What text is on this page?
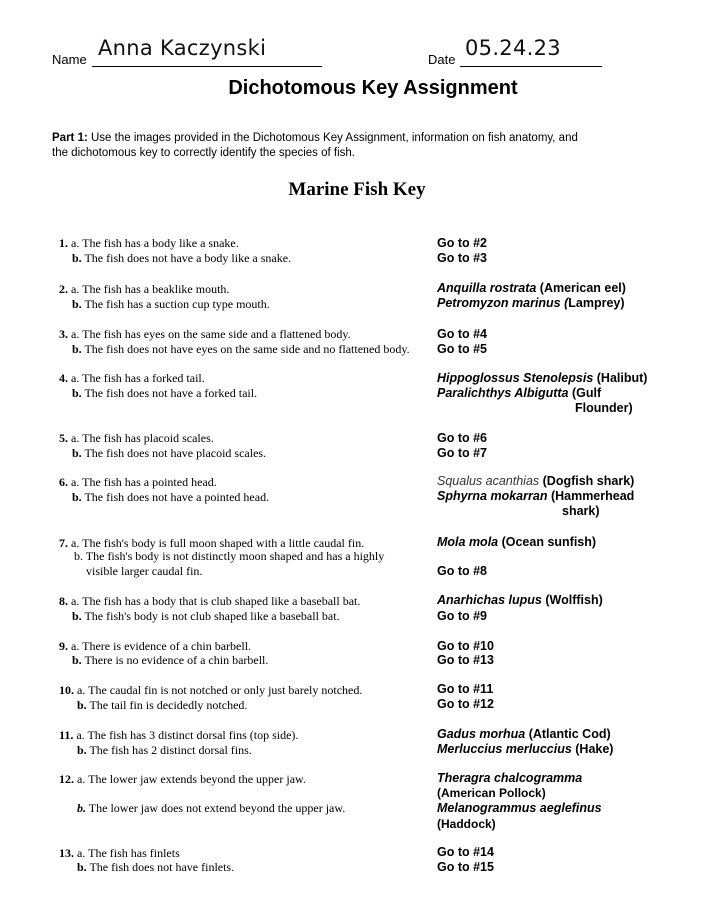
Name Anna Kaczynski	Date 05.24.23
Dichotomous Key Assignment
Part 1: Use the images provided in the Dichotomous Key Assignment, information on fish anatomy, and
the dichotomous key to correctly identify the species of fish.
Marine Fish Key
1. a. The fish has a body like a snake.
b. The fish does not have a body like a snake.
Go to #2
Go to #3
2. a. The fish has a beaklike mouth.
b. The fish has a suction cup type mouth.
Anquilla rostrata (American eel)
Petromyzon marinus (Lamprey)
3. a. The fish has eyes on the same side and a flattened body.
b. The fish does not have eyes on the same side and no flattened body.
Go to #4
Go to #5
4. a. The fish has a forked tail.
b. The fish does not have a forked tail.
Hippoglossus Stenolepsis (Halibut)
Paralichthys Albigutta (Gulf
Flounder)
5. a. The fish has placoid scales.
b. The fish does not have placoid scales.
Go to #6
Go to #7
6. a. The fish has a pointed head.
b. The fish does not have a pointed head.
Squalus acanthias (Dogfish shark)
Sphyrna mokarran (Hammerhead
shark)
7. a. The fish's body is full moon shaped with a little caudal fin.
b. The fish's body is not distinctly moon shaped and has a highly
visible larger caudal fin.
Mola mola (Ocean sunfish)
Go to #8
8. a. The fish has a body that is club shaped like a baseball bat.
b. The fish's body is not club shaped like a baseball bat.
Anarhichas lupus (Wolffish)
Go to #9
9. a. There is evidence of a chin barbell.
b. There is no evidence of a chin barbell.
Go to #10
Go to #13
10. a. The caudal fin is not notched or only just barely notched.
b. The tail fin is decidedly notched.
Go to #11
Go to #12
11. a. The fish has 3 distinct dorsal fins (top side).
b. The fish has 2 distinct dorsal fins.
Gadus morhua (Atlantic Cod)
Merluccius merluccius (Hake)
12. a. The lower jaw extends beyond the upper jaw.
b. The lower jaw does not extend beyond the upper jaw.
Theragra chalcogramma
(American Pollock)
Melanogrammus aeglefinus
(Haddock)
13. a. The fish has finlets
b. The fish does not have finlets.
Go to #14
Go to #15
